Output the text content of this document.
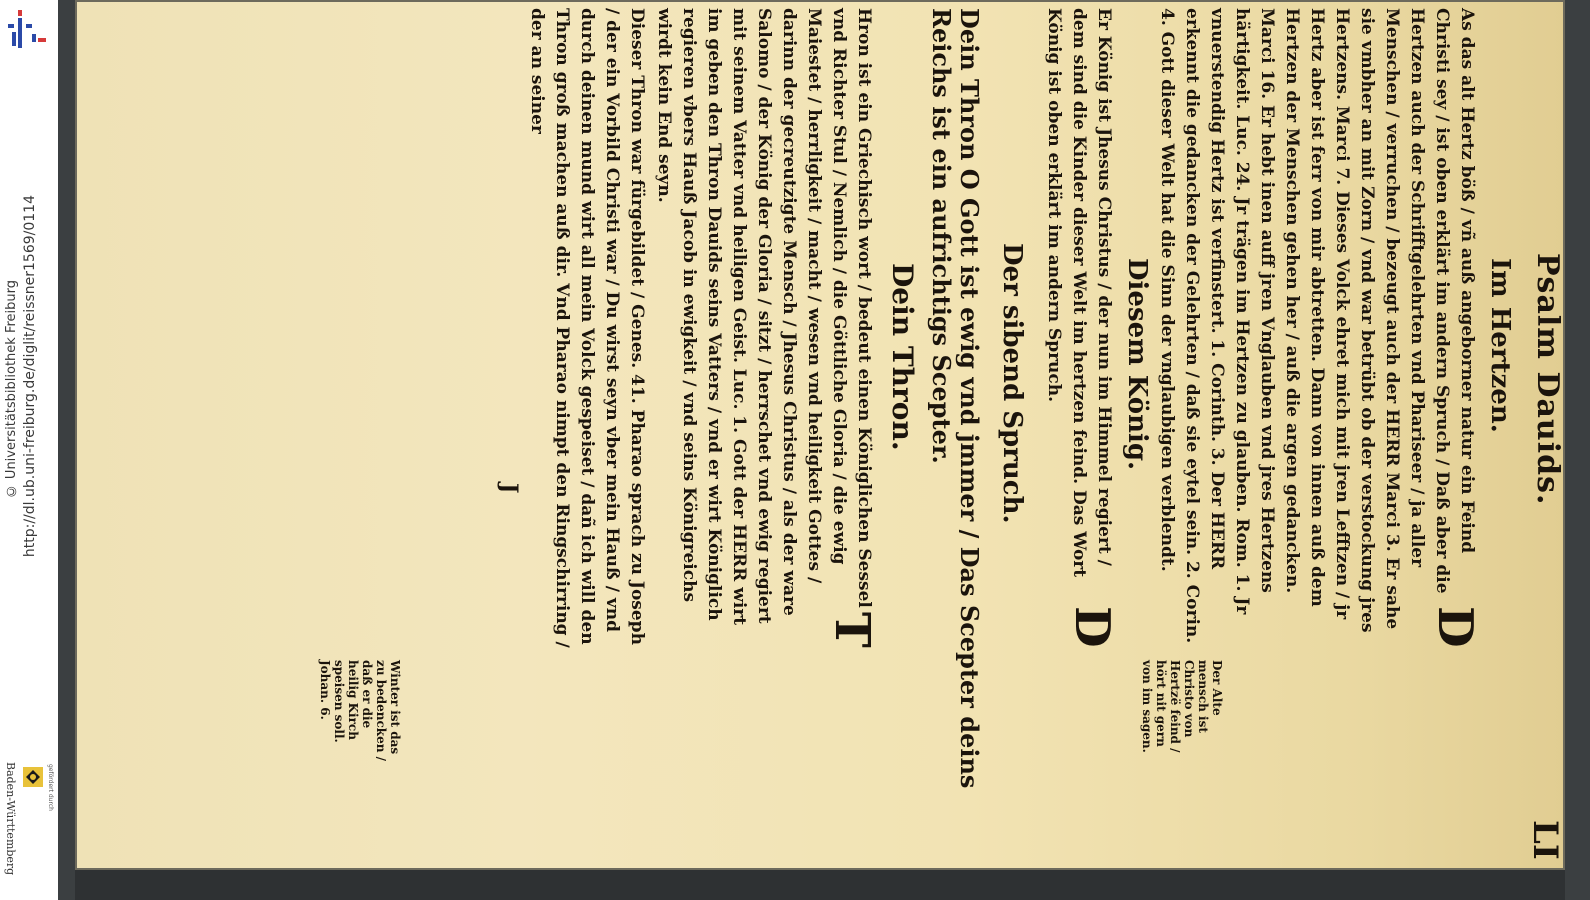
http://dl.ub.uni-freiburg.de/diglit/reissner1569/0114
© Universitätsbibliothek Freiburg
gefördert durch
Baden-Württemberg
Psalm Dauids.
LI
Im Hertzen.
D
As das alt Hertz böß / vñ auß angeborner natur ein Feind Christi sey / ist oben erklärt im andern Spruch / Daß aber die Hertzen auch der Schrifftgelehrten vnd Phariseer / ja aller Menschen / verruchen / bezeugt auch der HERR Marci 3. Er sahe sie vmbher an mit Zorn / vnd war betrübt ob der verstockung jres Hertzens. Marci 7. Dieses Volck ehret mich mit jren Lefftzen / jr Hertz aber ist ferr von mir abtretten. Dann von innen auß dem Hertzen der Menschen gehen her / auß die argen gedancken. Marci 16. Er hebt inen auff jren Vnglauben vnd jres Hertzens härtigkeit. Luc. 24. Jr trägen im Hertzen zu glauben. Rom. 1. Jr vnuerstendig Hertz ist verfinstert. 1. Corinth. 3. Der HERR erkennt die gedancken der Gelehrten / daß sie eytel sein. 2. Corin. 4. Gott dieser Welt hat die Sinn der vnglaubigen verblendt.
Diesem König.
D
Er König ist Jhesus Christus / der nun im Himmel regiert / dem sind die Kinder dieser Welt im hertzen feind. Das Wort König ist oben erklärt im andern Spruch.
Der sibend Spruch.
Dein Thron O Gott ist ewig vnd jmmer / Das Scepter deins Reichs ist ein aufrichtigs Scepter.
Dein Thron.
T
Hron ist ein Griechisch wort / bedeut einen Königlichen Sessel vnd Richter Stul / Nemlich / die Göttliche Gloria / die ewig Maiestet / herrligkeit / macht / wesen vnd heiligkeit Gottes / darinn der gecreutzigte Mensch / Jhesus Christus / als der ware Salomo / der König der Gloria / sitzt / herrschet vnd ewig regiert mit seinem Vatter vnd heiligen Geist. Luc. 1. Gott der HERR wirt im geben den Thron Dauids seins Vatters / vnd er wirt Königlich regieren vbers Hauß Jacob in ewigkeit / vnd seins Königreichs wirdt kein End seyn.
Dieser Thron war fürgebildet / Genes. 41. Pharao sprach zu Joseph / der ein Vorbild Christi war / Du wirst seyn vber mein Hauß / vnd durch deinen mund wirt all mein Volck gespeiset / dañ ich will den Thron groß machen auß dir. Vnd Pharao nimpt den Ringschirring / der an seiner
J
Der Alte mensch ist Christo von Hertzë feind / hört nit gern von im sagen.
Winter ist das zu bedencken / daß er die heilig Kirch speisen soll. Johan. 6.
